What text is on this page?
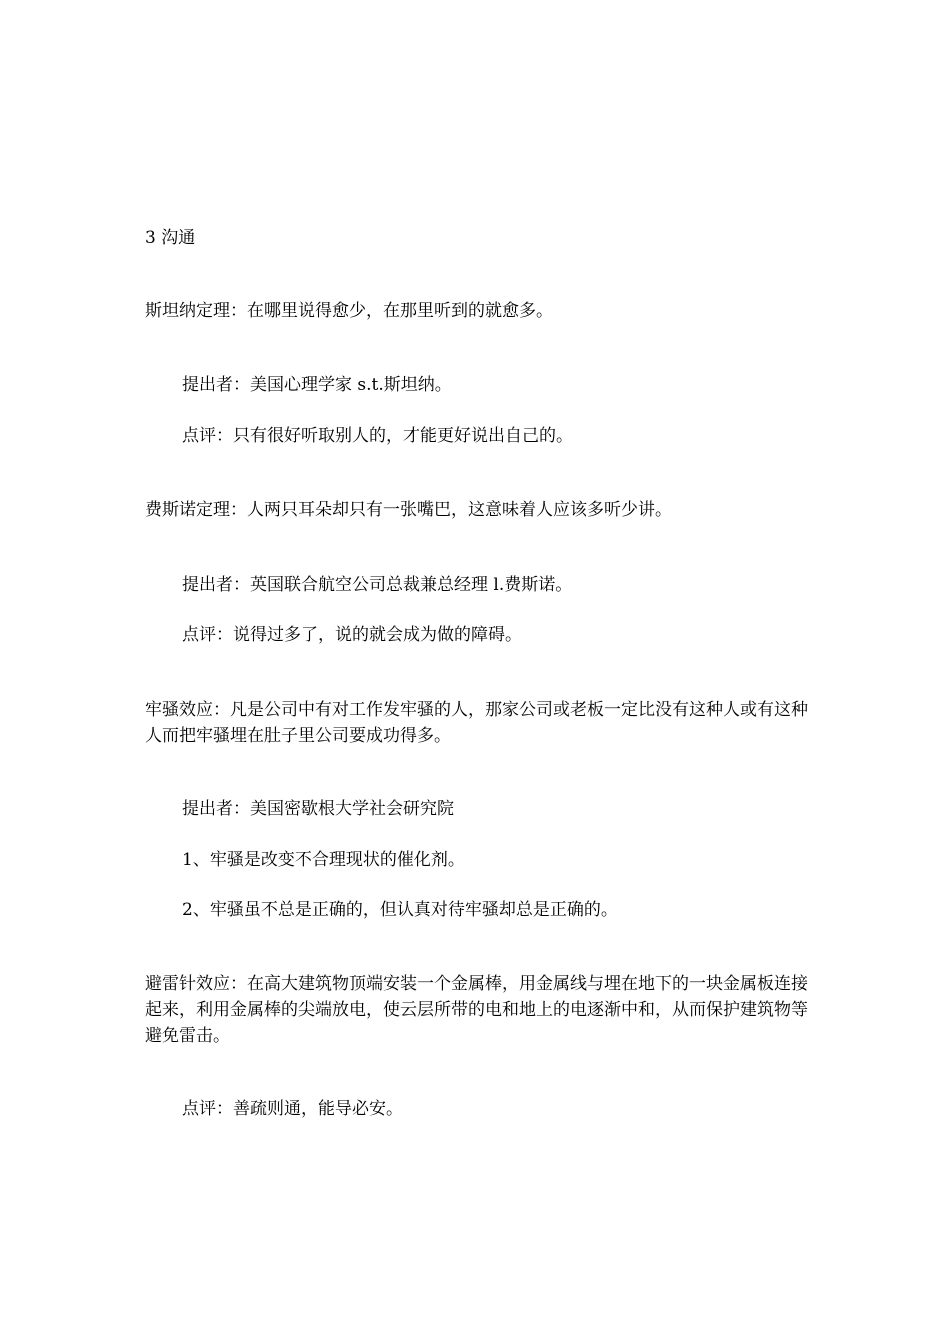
3 沟通
斯坦纳定理：在哪里说得愈少，在那里听到的就愈多。
提出者：美国心理学家 s.t.斯坦纳。
点评：只有很好听取别人的，才能更好说出自己的。
费斯诺定理：人两只耳朵却只有一张嘴巴，这意味着人应该多听少讲。
提出者：英国联合航空公司总裁兼总经理 l.费斯诺。
点评：说得过多了，说的就会成为做的障碍。
牢骚效应：凡是公司中有对工作发牢骚的人，那家公司或老板一定比没有这种人或有这种人而把牢骚埋在肚子里公司要成功得多。
提出者：美国密歇根大学社会研究院
1、牢骚是改变不合理现状的催化剂。
2、牢骚虽不总是正确的，但认真对待牢骚却总是正确的。
避雷针效应：在高大建筑物顶端安装一个金属棒，用金属线与埋在地下的一块金属板连接起来，利用金属棒的尖端放电，使云层所带的电和地上的电逐渐中和，从而保护建筑物等避免雷击。
点评：善疏则通，能导必安。
